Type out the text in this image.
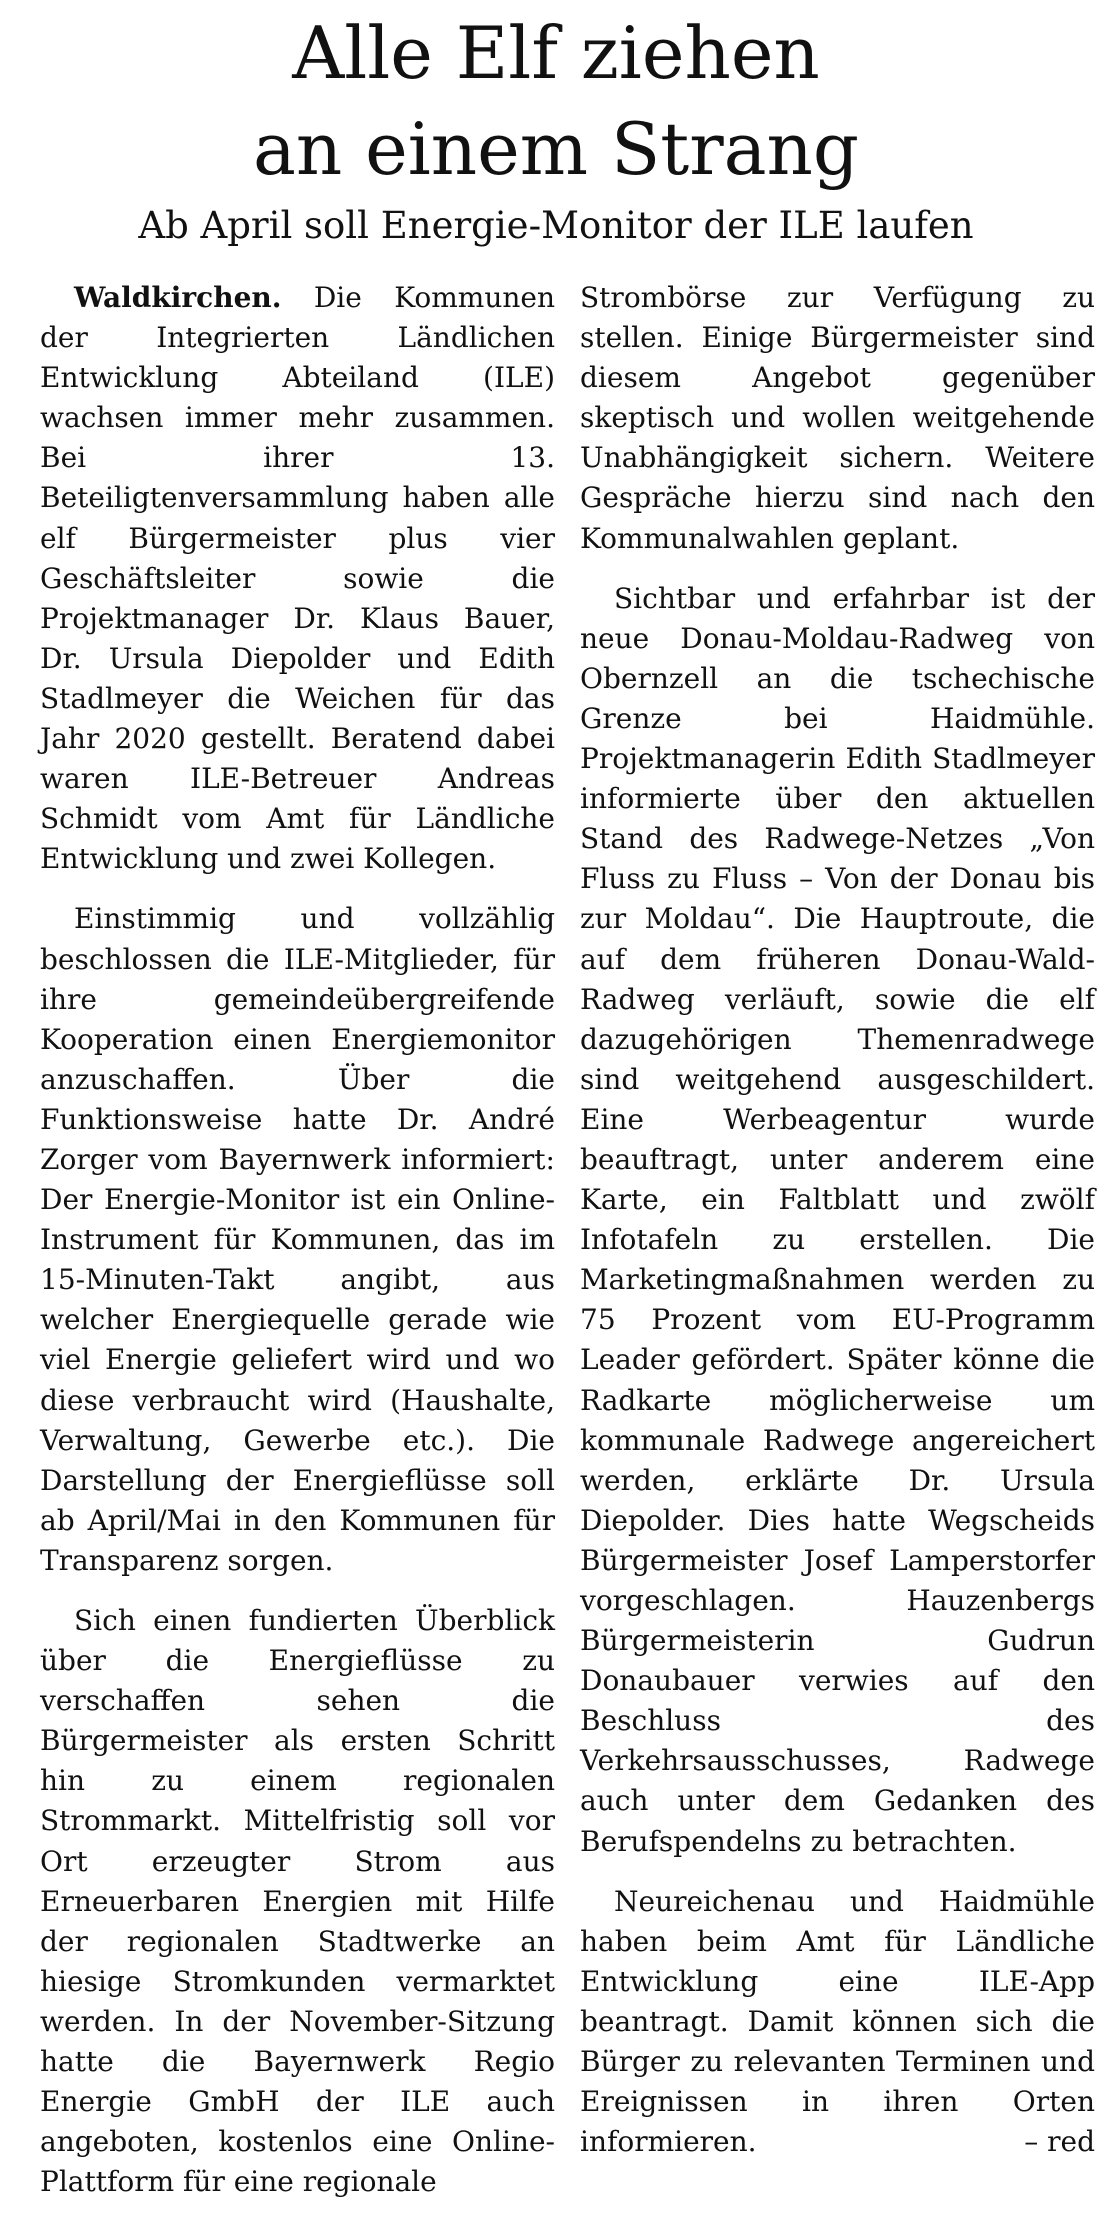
Alle Elf ziehen
an einem Strang
Ab April soll Energie-Monitor der ILE laufen

Waldkirchen. Die Kommunen der Integrierten Ländlichen Entwicklung Abteiland (ILE) wachsen immer mehr zusammen. Bei ihrer 13. Beteiligtenversammlung haben alle elf Bürgermeister plus vier Geschäftsleiter sowie die Projektmanager Dr. Klaus Bauer, Dr. Ursula Diepolder und Edith Stadlmeyer die Weichen für das Jahr 2020 gestellt. Beratend dabei waren ILE-Betreuer Andreas Schmidt vom Amt für Ländliche Entwicklung und zwei Kollegen.

Einstimmig und vollzählig beschlossen die ILE-Mitglieder, für ihre gemeindeübergreifende Kooperation einen Energiemonitor anzuschaffen. Über die Funktionsweise hatte Dr. André Zorger vom Bayernwerk informiert: Der Energie-Monitor ist ein Online-Instrument für Kommunen, das im 15-Minuten-Takt angibt, aus welcher Energiequelle gerade wie viel Energie geliefert wird und wo diese verbraucht wird (Haushalte, Verwaltung, Gewerbe etc.). Die Darstellung der Energieflüsse soll ab April/Mai in den Kommunen für Transparenz sorgen.

Sich einen fundierten Überblick über die Energieflüsse zu verschaffen sehen die Bürgermeister als ersten Schritt hin zu einem regionalen Strommarkt. Mittelfristig soll vor Ort erzeugter Strom aus Erneuerbaren Energien mit Hilfe der regionalen Stadtwerke an hiesige Stromkunden vermarktet werden. In der November-Sitzung hatte die Bayernwerk Regio Energie GmbH der ILE auch angeboten, kostenlos eine Online-Plattform für eine regionale

Strombörse zur Verfügung zu stellen. Einige Bürgermeister sind diesem Angebot gegenüber skeptisch und wollen weitgehende Unabhängigkeit sichern. Weitere Gespräche hierzu sind nach den Kommunalwahlen geplant.

Sichtbar und erfahrbar ist der neue Donau-Moldau-Radweg von Obernzell an die tschechische Grenze bei Haidmühle. Projektmanagerin Edith Stadlmeyer informierte über den aktuellen Stand des Radwege-Netzes „Von Fluss zu Fluss – Von der Donau bis zur Moldau“. Die Hauptroute, die auf dem früheren Donau-Wald-Radweg verläuft, sowie die elf dazugehörigen Themenradwege sind weitgehend ausgeschildert. Eine Werbeagentur wurde beauftragt, unter anderem eine Karte, ein Faltblatt und zwölf Infotafeln zu erstellen. Die Marketingmaßnahmen werden zu 75 Prozent vom EU-Programm Leader gefördert. Später könne die Radkarte möglicherweise um kommunale Radwege angereichert werden, erklärte Dr. Ursula Diepolder. Dies hatte Wegscheids Bürgermeister Josef Lamperstorfer vorgeschlagen. Hauzenbergs Bürgermeisterin Gudrun Donaubauer verwies auf den Beschluss des Verkehrsausschusses, Radwege auch unter dem Gedanken des Berufspendelns zu betrachten.

Neureichenau und Haidmühle haben beim Amt für Ländliche Entwicklung eine ILE-App beantragt. Damit können sich die Bürger zu relevanten Terminen und Ereignissen in ihren Orten informieren.	– red
